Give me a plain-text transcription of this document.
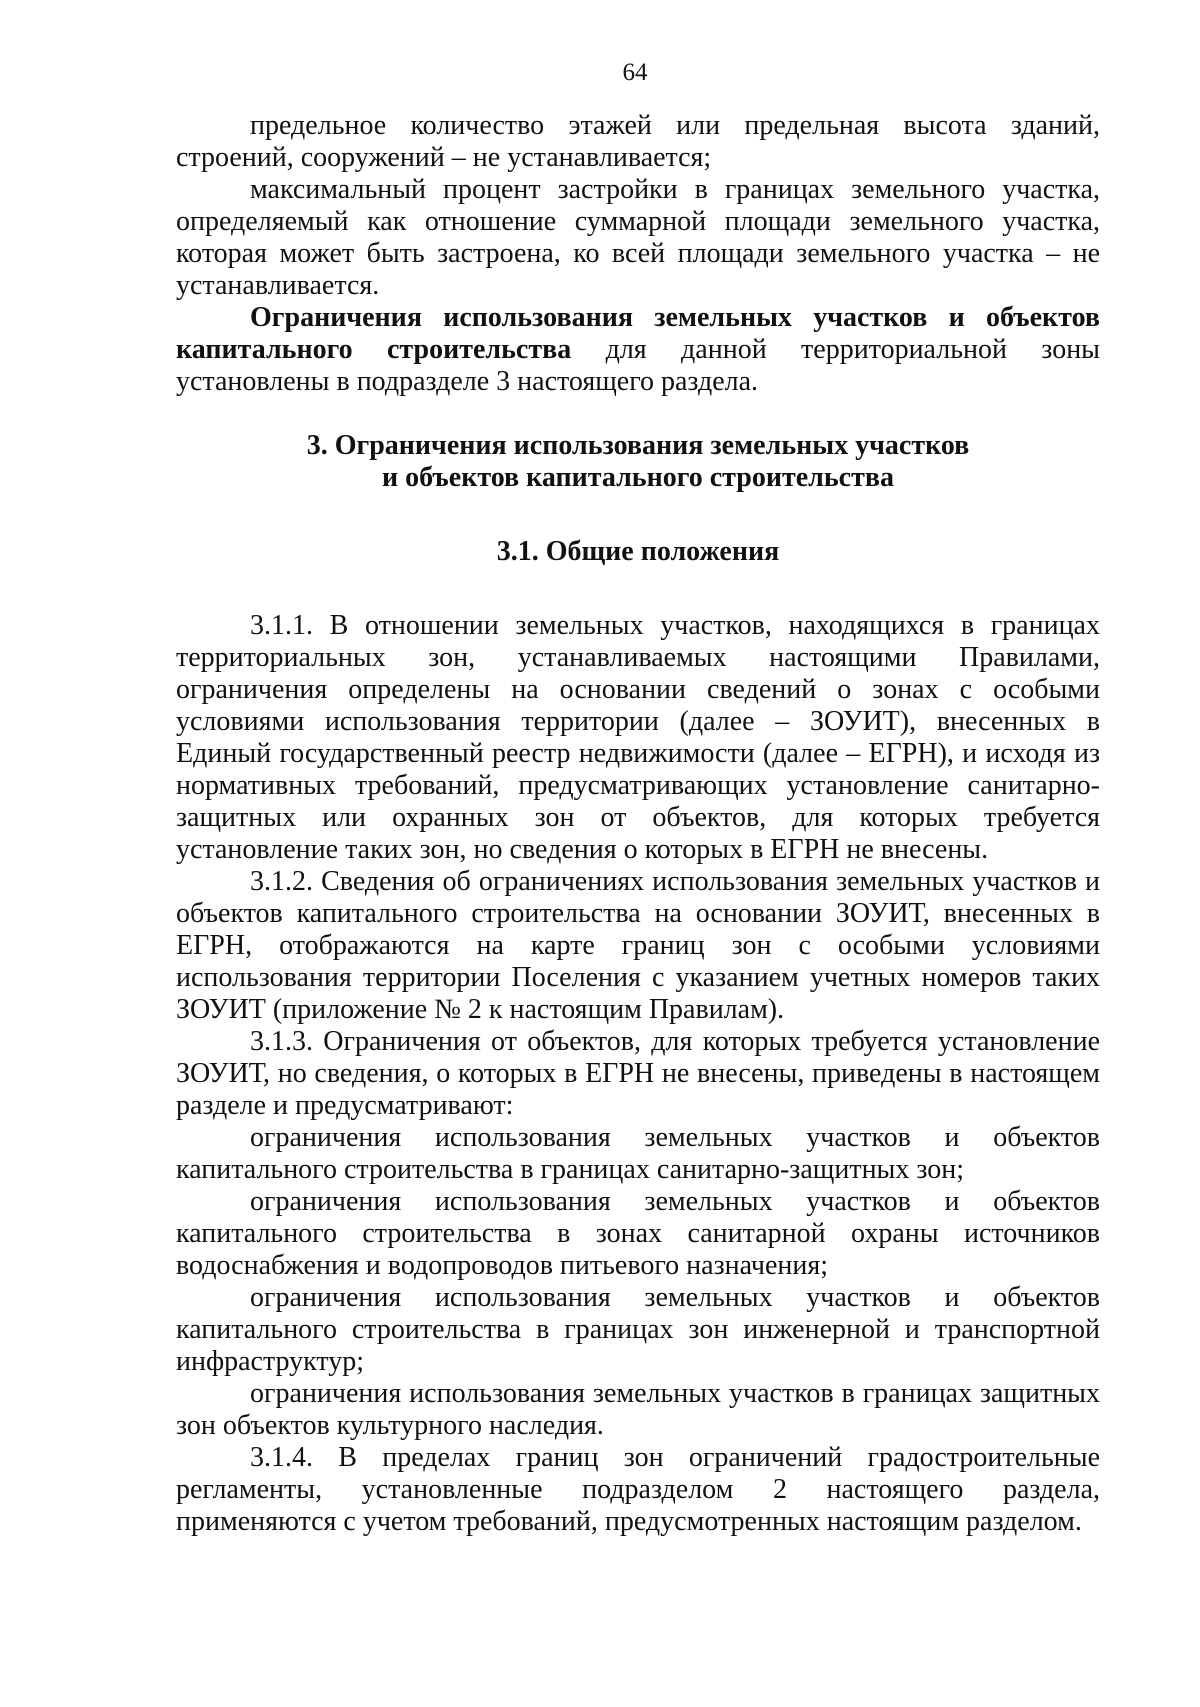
64

предельное количество этажей или предельная высота зданий, строений, сооружений – не устанавливается;

максимальный процент застройки в границах земельного участка, определяемый как отношение суммарной площади земельного участка, которая может быть застроена, ко всей площади земельного участка – не устанавливается.

Ограничения использования земельных участков и объектов капитального строительства для данной территориальной зоны установлены в подразделе 3 настоящего раздела.

3. Ограничения использования земельных участков
и объектов капитального строительства
3.1. Общие положения

3.1.1. В отношении земельных участков, находящихся в границах территориальных зон, устанавливаемых настоящими Правилами, ограничения определены на основании сведений о зонах с особыми условиями использования территории (далее – ЗОУИТ), внесенных в Единый государственный реестр недвижимости (далее – ЕГРН), и исходя из нормативных требований, предусматривающих установление санитарно-защитных или охранных зон от объектов, для которых требуется установление таких зон, но сведения о которых в ЕГРН не внесены.

3.1.2. Сведения об ограничениях использования земельных участков и объектов капитального строительства на основании ЗОУИТ, внесенных в ЕГРН, отображаются на карте границ зон с особыми условиями использования территории Поселения с указанием учетных номеров таких ЗОУИТ (приложение № 2 к настоящим Правилам).

3.1.3. Ограничения от объектов, для которых требуется установление ЗОУИТ, но сведения, о которых в ЕГРН не внесены, приведены в настоящем разделе и предусматривают:

ограничения использования земельных участков и объектов капитального строительства в границах санитарно-защитных зон;

ограничения использования земельных участков и объектов капитального строительства в зонах санитарной охраны источников водоснабжения и водопроводов питьевого назначения;

ограничения использования земельных участков и объектов капитального строительства в границах зон инженерной и транспортной инфраструктур;

ограничения использования земельных участков в границах защитных зон объектов культурного наследия.

3.1.4. В пределах границ зон ограничений градостроительные регламенты, установленные подразделом 2 настоящего раздела, применяются с учетом требований, предусмотренных настоящим разделом.
